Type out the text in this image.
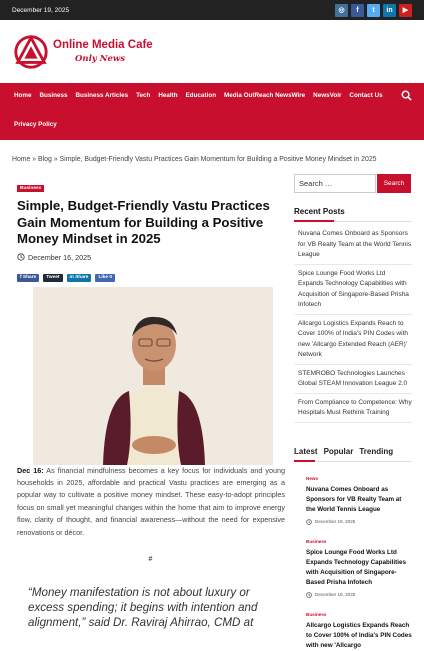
December 19, 2025	◎	f	t	in	▶
Online Media Cafe
Only News
Home	Business	Business Articles	Tech	Health	Education	Media OutReach NewsWire	NewsVoir	Contact Us
Privacy Policy
Home » Blog » Simple, Budget-Friendly Vastu Practices Gain Momentum for Building a Positive Money Mindset in 2025
Business
Simple, Budget-Friendly Vastu Practices Gain Momentum for Building a Positive Money Mindset in 2025
December 16, 2025
f Share	Tweet	in Share	Like 0

Dec 16: As financial mindfulness becomes a key focus for individuals and young households in 2025, affordable and practical Vastu practices are emerging as a popular way to cultivate a positive money mindset. These easy-to-adopt principles focus on small yet meaningful changes within the home that aim to improve energy flow, clarity of thought, and financial awareness—without the need for expensive renovations or décor.

#

“Money manifestation is not about luxury or excess spending; it begins with intention and alignment,” said Dr. Raviraj Ahirrao, CMD at

Search …	Search
Recent Posts
Nuvana Comes Onboard as Sponsors for VB Realty Team at the World Tennis League
Spice Lounge Food Works Ltd Expands Technology Capabilities with Acquisition of Singapore-Based Prisha Infotech
Allcargo Logistics Expands Reach to Cover 100% of India's PIN Codes with new 'Allcargo Extended Reach (AER)' Network
STEMROBO Technologies Launches Global STEAM Innovation League 2.0
From Compliance to Competence: Why Hospitals Must Rethink Training
Latest Popular Trending
News
Nuvana Comes Onboard as Sponsors for VB Realty Team at the World Tennis League
December 19, 2025
Business
Spice Lounge Food Works Ltd Expands Technology Capabilities with Acquisition of Singapore-Based Prisha Infotech
December 19, 2025
Business
Allcargo Logistics Expands Reach to Cover 100% of India's PIN Codes with new 'Allcargo
